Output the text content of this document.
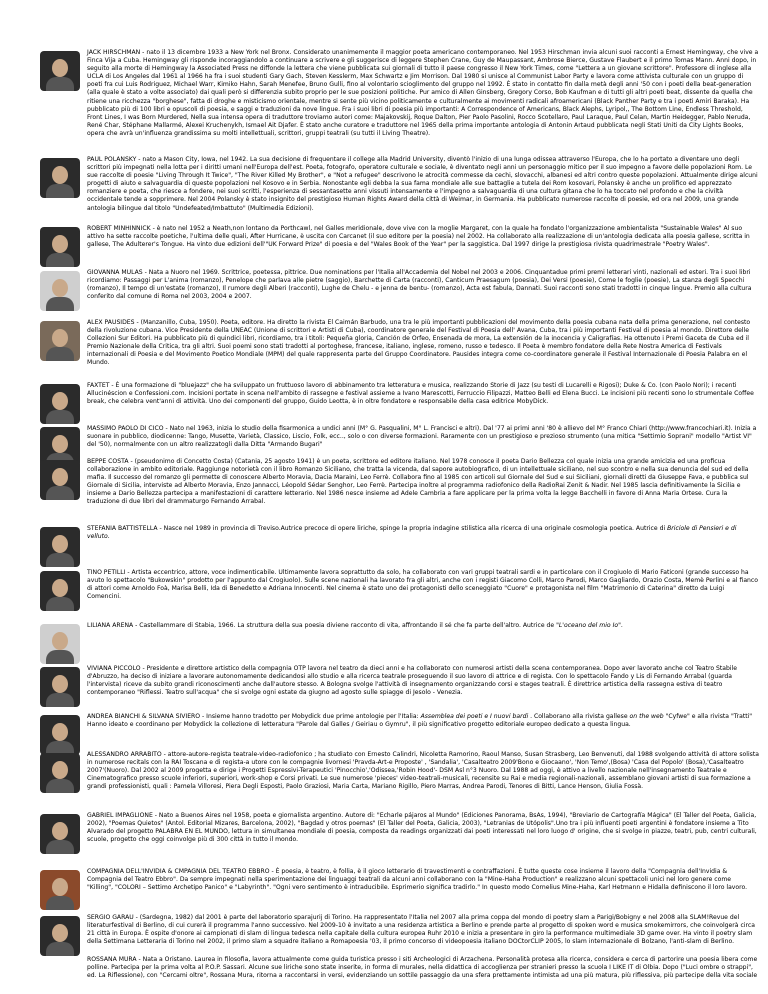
JACK HIRSCHMAN - nato il 13 dicembre 1933 a New York nel Bronx. Considerato unanimemente il maggior poeta americano contemporaneo. Nel 1953 Hirschman invia alcuni suoi racconti a Ernest Hemingway, che vive a Finca Vija a Cuba. Hemingway gli risponde incoraggiandolo a continuare a scrivere e gli suggerisce di leggere Stephen Crane, Guy de Maupassant, Ambrose Bierce, Gustave Flaubert e il primo Tomas Mann. Anni dopo, in seguito alla morte di Hemingway la Associated Press ne diffonde la lettera che viene pubblicata sui giornali di tutto il paese congresso il New York Times, come "Lettera a un giovane scrittore". Professore di inglese alla UCLA di Los Angeles dal 1961 al 1966 ha fra i suoi studenti Gary Gach, Steven Kesslerm, Max Schwartz e Jim Morrison. Dal 1980 si unisce al Communist Labor Party e lavora come attivista culturale con un gruppo di poeti fra cui Luis Rodriguez, Michael Warr, Kimiko Hahn, Sarah Menefee, Bruno Gulli, fino al volontario scioglimento del gruppo nel 1992. È stato in contatto fin dalla metà degli anni '50 con i poeti della beat-generation (alla quale è stato a volte associato) dai quali però si differenzia subito proprio per le sue posizioni politiche. Pur amico di Allen Ginsberg, Gregory Corso, Bob Kaufman e di tutti gli altri poeti beat, dissente da quella che ritiene una ricchezza "borghese", fatta di droghe e misticismo orientale, mentre si sente più vicino politicamente e culturalmente ai movimenti radicali afroamericani (Black Panther Party e tra i poeti Amiri Baraka). Ha pubblicato più di 100 libri e opuscoli di poesia, e saggi e traduzioni da nove lingue. Fra i suoi libri di poesia più importanti: A Correspondence of Americans, Black Alephs, Lyripol,, The Bottom Line, Endless Threshold, Front Lines, I was Born Murdered, Nella sua intensa opera di traduttore troviamo autori come: Majakovskij, Roque Dalton, Pier Paolo Pasolini, Rocco Scotellaro, Paul Laraque, Paul Celan, Martin Heidegger, Pablo Neruda, René Char, Stéphane Mallarmé, Alexei Kruchenykh, Ismael Ait Djafer. È stato anche curatore e traduttore nel 1965 della prima importante antologia di Antonin Artaud pubblicata negli Stati Uniti da City Lights Books, opera che avrà un'influenza grandissima su molti intellettuali, scrittori, gruppi teatrali (su tutti il Living Theatre).
PAUL POLANSKY - nato a Mason City, Iowa, nel 1942. La sua decisione di frequentare il college alla Madrid University, diventò l'inizio di una lunga odissea attraverso l'Europa, che lo ha portato a diventare uno degli scrittori più impegnati nella lotta per i diritti umani nell'Europa dell'est. Poeta, fotografo, operatore culturale e sociale, è diventato negli anni un personaggio mitico per il suo impegno a favore delle popolazioni Rom. Le sue raccolte di poesie "Living Through It Twice", "The River Killed My Brother", e "Not a refugee" descrivono le atrocità commesse da cechi, slovacchi, albanesi ed altri contro queste popolazioni. Attualmente dirige alcuni progetti di aiuto e salvaguardia di queste popolazioni nel Kosovo e in Serbia. Nonostante egli debba la sua fama mondiale alle sue battaglie a tutela dei Rom kosovari, Polansky è anche un prolifico ed apprezzato romanziere e poeta, che riesce a fondere, nei suoi scritti, l'esperienza di sessantasette anni vissuti intensamente e l'impegno a salvaguardia di una cultura gitana che lo ha toccato nel profondo e che la civiltà occidentale tende a sopprimere. Nel 2004 Polansky è stato insignito del prestigioso Human Rights Award della città di Weimar, in Germania. Ha pubblicato numerose raccolte di poesie, ed ora nel 2009, una grande antologia bilingue dal titolo "Undefeated/Imbattuto" (Multimedia Edizioni).
ROBERT MINHINNICK - è nato nel 1952 a Neath,non lontano da Porthcawl, nel Galles meridionale, dove vive con la moglie Margaret, con la quale ha fondato l'organizzazione ambientalista "Sustainable Wales" Al suo attivo ha sette raccolte poetiche, l'ultima delle quali, After Hurricane, è uscita con Carcanet (il suo editore per la poesia) nel 2002. Ha collaborato alla realizzazione di un'antologia dedicata alla poesia gallese, scritta in gallese, The Adulterer's Tongue. Ha vinto due edizioni dell'"UK Forward Prize" di poesia e del "Wales Book of the Year" per la saggistica. Dal 1997 dirige la prestigiosa rivista quadrimestrale "Poetry Wales".
GIOVANNA MULAS - Nata a Nuoro nel 1969. Scrittrice, poetessa, pittrice. Due nominations per l'Italia all'Accademia del Nobel nel 2003 e 2006. Cinquantadue primi premi letterari vinti, nazionali ed esteri. Tra i suoi libri ricordiamo: Passaggi per L'anima (romanzo), Penelope che parlava alle pietre (saggio), Barchette di Carta (racconti), Canticum Praesagum (poesia), Dei Versi (poesie), Come le foglie (poesie), La stanza degli Specchi (romanzo), Il tempo di un'estate (romanzo), Il rumore degli Alberi (racconti), Lughe de Chelu - e jenna de bentu- (romanzo), Acta est fabula, Dannati. Suoi racconti sono stati tradotti in cinque lingue. Premio alla cultura conferito dal comune di Roma nel 2003, 2004 e 2007.
ALEX PAUSIDES - (Manzanillo, Cuba, 1950). Poeta, editore. Ha diretto la rivista El Caimán Barbudo, una tra le più importanti pubblicazioni del movimento della poesia cubana nata della prima generazione, nel contesto della rivoluzione cubana. Vice Presidente della UNEAC (Unione di scrittori e Artisti di Cuba), coordinatore generale del Festival di Poesia dell' Avana, Cuba, tra i più importanti Festival di poesia al mondo. Direttore delle Collezioni Sur Editori. Ha pubblicato più di quindici libri, ricordiamo, tra i titoli: Pequeña gloria, Canción de Orfeo, Ensenada de mora, La extensión de la inocencia y Caligrafías. Ha ottenuto i Premi Gaceta de Cuba ed il Premio Nazionale della Critica, tra gli altri. Suoi poemi sono stati tradotti al portoghese, francese, italiano, inglese, romeno, russo e tedesco. Il Poeta è membro fondatore della Rete Nostra America di Festivals internazionali di Poesia e del Movimento Poetico Mondiale (MPM) del quale rappresenta parte del Gruppo Coordinatore. Pausides integra come co-coordinatore generale il Festival Internazionale di Poesia Palabra en el Mundo.
FAXTET - È una formazione di "bluejazz" che ha sviluppato un fruttuoso lavoro di abbinamento tra letteratura e musica, realizzando Storie di Jazz (su testi di Lucarelli e Rigosi); Duke & Co. (con Paolo Nori); i recenti Allucinéscion e Confessioni.com. Incisioni portate in scena nell'ambito di rassegne e festival assieme a Ivano Marescotti, Ferruccio Filipazzi, Matteo Belli ed Elena Bucci. Le incisioni più recenti sono lo strumentale Coffee break, che celebra vent'anni di attività. Uno dei componenti del gruppo, Guido Leotta, è in oltre fondatore e responsabile della casa editrice MobyDick.
MASSIMO PAOLO DI CICO - Nato nel 1963, inizia lo studio della fisarmonica a undici anni (M° G. Pasqualini, M° L. Francisci e altri). Dal '77 ai primi anni '80 è allievo del M° Franco Chiari (http://www.francochiari.it). Inizia a suonare in pubblico, diodicenne: Tango, Musette, Varietà, Classico, Liscio, Folk, ecc.., solo o con diverse formazioni. Raramente con un prestigioso e prezioso strumento (una mitica "Settimio Soprani" modello "Artist VI" del '50), normalmente con un altro realizzatogli dalla Ditta "Armando Bugari"
BEPPE COSTA - (pseudonimo di Concetto Costa) (Catania, 25 agosto 1941) è un poeta, scrittore ed editore italiano. Nel 1978 conosce il poeta Dario Bellezza col quale inizia una grande amicizia ed una proficua collaborazione in ambito editoriale. Raggiunge notorietà con il libro Romanzo Siciliano, che tratta la vicenda, dal sapore autobiografico, di un intellettuale siciliano, nel suo scontro e nella sua denuncia del sud ed della mafia. Il successo del romanzo gli permette di conoscere Alberto Moravia, Dacia Maraini, Leo Ferrè. Collabora fino al 1985 con articoli sul Giornale del Sud e sui Siciliani, giornali diretti da Giuseppe Fava, e pubblica sul Giornale di Sicilia, interviste ad Alberto Moravia, Enzo Jannacci, Léopold Sédar Senghor, Leo Ferrè. Partecipa inoltre al programma radiofonico della RadioRai Zenit & Nadir. Nel 1985 lascia definitivamente la Sicilia e insieme a Dario Bellezza partecipa a manifestazioni di carattere letterario. Nel 1986 nesce insieme ad Adele Cambria a fare applicare per la prima volta la legge Bacchelli in favore di Anna Maria Ortese. Cura la traduzione di due libri del drammaturgo Fernando Arrabal.
STEFANIA BATTISTELLA - Nasce nel 1989 in provincia di Treviso.Autrice precoce di opere liriche, spinge la propria indagine stilistica alla ricerca di una originale cosmologia poetica. Autrice di Briciole di Pensieri e di velluto.
TINO PETILLI - Artista eccentrico, attore, voce indimenticabile. Ultimamente lavora soprattutto da solo, ha collaborato con vari gruppi teatrali sardi e in particolare con il Crogiuolo di Mario Faticoni (grande successo ha avuto lo spettacolo "Bukowskin" prodotto per l'appunto dal Crogiuolo). Sulle scene nazionali ha lavorato fra gli altri, anche con i registi Giacomo Colli, Marco Parodi, Marco Gagliardo, Orazio Costa, Memè Perlini e al fianco di attori come Arnoldo Foà, Marisa Belli, Ida di Benedetto e Adriana Innocenti. Nel cinema è stato uno dei protagonisti dello sceneggiato "Cuore" e protagonista nel film "Matrimonio di Caterina" diretto da Luigi Comencini.
LILIANA ARENA - Castellammare di Stabia, 1966. La struttura della sua poesia diviene racconto di vita, affrontando il sé che fa parte dell'altro. Autrice de "L'oceano del mio Io".
VIVIANA PICCOLO - Presidente e direttore artistico della compagnia OTP lavora nel teatro da dieci anni e ha collaborato con numerosi artisti della scena contemporanea. Dopo aver lavorato anche col Teatro Stabile d'Abruzzo, ha deciso di iniziare a lavorare autonomamente dedicandosi allo studio e alla ricerca teatrale proseguendo il suo lavoro di attrice e di regista. Con lo spettacolo Fando y Lis di Fernando Arrabal (guarda l'intervista) riceve da subito grandi riconoscimenti anche dall'autore stesso. A Bologna svolge l'attività di insegnamento organizzando corsi e stages teatrali. È direttrice artistica della rassegna estiva di teatro contemporaneo "Riflessi. Teatro sull'acqua" che si svolge ogni estate da giugno ad agosto sulle spiagge di Jesolo - Venezia.
ANDREA BIANCHI & SILVANA SIVIERO - Insieme hanno tradotto per Mobydick due prime antologie per l'Italia: Assemblea dei poeti e I nuovi bardi . Collaborano alla rivista gallese on the web "Cyfwe" e alla rivista "Tratti" Hanno ideato e coordinano per Mobydick la collezione di letteratura "Parole dal Galles / Geiriau o Gymru", il più significativo progetto editoriale europeo dedicato a questa lingua.
ALESSANDRO ARRABITO - attore-autore-regista teatrale-video-radiofonico ; ha studiato con Ernesto Calindri, Nicoletta Ramorino, Raoul Manso, Susan Strasberg, Leo Benvenuti, dal 1988 svolgendo attività di attore solista in numerose recitals con la RAI Toscana e di regista-a utore con le compagnie livornesi 'Pravda-Art-e Proposte' , 'Sandalia', 'Casalteatro 2009'Bono e Giocaano', 'Non Temo',(Bosa) 'Casa del Popolo' (Bosa),'Casalteatro 2007'(Nuoro). Dal 2002 al 2009 progetta e dirige i Progetti Espressivi-Terapeutici 'Pinocchio','Odissea,'Robin Hood'- DSM Asl n°3 Nuoro. Dal 1988 ad oggi, è attivo a livello nazionale nell'insegnamento Teatrale e Cinematografico presso scuole inferiori, superiori, work-shop e Corsi privati. Le sue numerose 'pieces' video-teatrali-musicali, recensite su Rai e media regionali-nazionali, assemblano giovani artisti di sua formazione a grandi professionisti, quali : Pamela Villoresi, Piera Degli Esposti, Paolo Graziosi, Maria Carta, Mariano Rigillo, Piero Marras, Andrea Parodi, Tenores di Bitti, Lance Henson, Giulia Fossà.
GABRIEL IMPAGLIONE - Nato a Buenos Aires nel 1958, poeta e giornalista argentino. Autore di: "Echarle pájaros al Mundo" (Ediciones Panorama, BsAs, 1994), "Breviario de Cartografía Mágica" (El Taller del Poeta, Galicia, 2002), "Poemas Quietos" (Antol. Editorial Mizares, Barcelona, 2002), "Bagdad y otros poemas" (El Taller del Poeta, Galicia, 2003), "Letranias de Utópolis".Uno tra i più influenti poeti argentini è fondatore insieme a Tito Alvarado del progetto PALABRA EN EL MUNDO, lettura in simultanea mondiale di poesia, composta da readings organizzati dai poeti interessati nel loro luogo d' origine, che si svolge in piazze, teatri, pub, centri culturali, scuole, progetto che oggi coinvolge più di 300 città in tutto il mondo.
COMPAGNIA DELL'INVIDIA & CMPAGNIA DEL TEATRO EBBRO - È poesia, è teatro, è follia, è il gioco letterario di travestimenti e contraffazioni. È tutte queste cose insieme il lavoro della "Compagnia dell'Invidia & Compagnia del Teatro Ebbro". Da sempre impegnati nella sperimentazione dei linguaggi teatrali da alcuni anni collaborano con la "Mine-Haha Production" e realizzano alcuni spettacoli unici nel loro genere come "Killing", "COLORI – Settimo Archetipo Panico" e "Labyrinth". "Ogni vero sentimento è intraducibile. Esprimerio significa tradirlo." In questo modo Cornelius Mine-Haha, Karl Hetmann e Hidalla definiscono il loro lavoro.
SERGIO GARAU - (Sardegna, 1982) dal 2001 è parte del laboratorio sparajurij di Torino. Ha rappresentato l'Italia nel 2007 alla prima coppa del mondo di poetry slam a Parigi/Bobigny e nel 2008 alla SLAM!Revue del literaturfestival di Berlino, di cui curerà il programma l'anno successivo. Nel 2009-10 è invitato a una residenza artistica a Berlino e prende parte al progetto di spoken word e musica smokemirrors, che coinvolgerà circa 21 città in Europa. È ospite d'onore ai campionati di slam di lingua tedesca nella capitale della cultura europea Ruhr 2010 e inizia a presentare in giro la performance multimediale 3D game over. Ha vinto il poetry slam della Settimana Letteraria di Torino nel 2002, il primo slam a squadre italiano a Romapoesia '03, il primo concorso di videopoesia italiano DOCtorCLIP 2005, lo slam internazionale di Bolzano, l'anti-slam di Berlino.
ROSSANA MURA - Nata a Oristano. Laurea in filosofia, lavora attualmente come guida turistica presso i siti Archeologici di Arzachena. Personalità protesa alla ricerca, considera e cerca di partorire una poesia libera come polline. Partecipa per la prima volta al P.O.P. Sassari. Alcune sue liriche sono state inserite, in forma di murales, nella didattica di accoglienza per stranieri presso la scuola I LIKE IT di Olbia. Dopo ("Luci ombre o strappi", ed. La Riflessione), con "Cercami oltre", Rossana Mura, ritorna a raccontarsi in versi, evidenziando un sottile passaggio da una sfera prettamente intimista ad una più matura, più riflessiva, più partecipe della vita sociale
